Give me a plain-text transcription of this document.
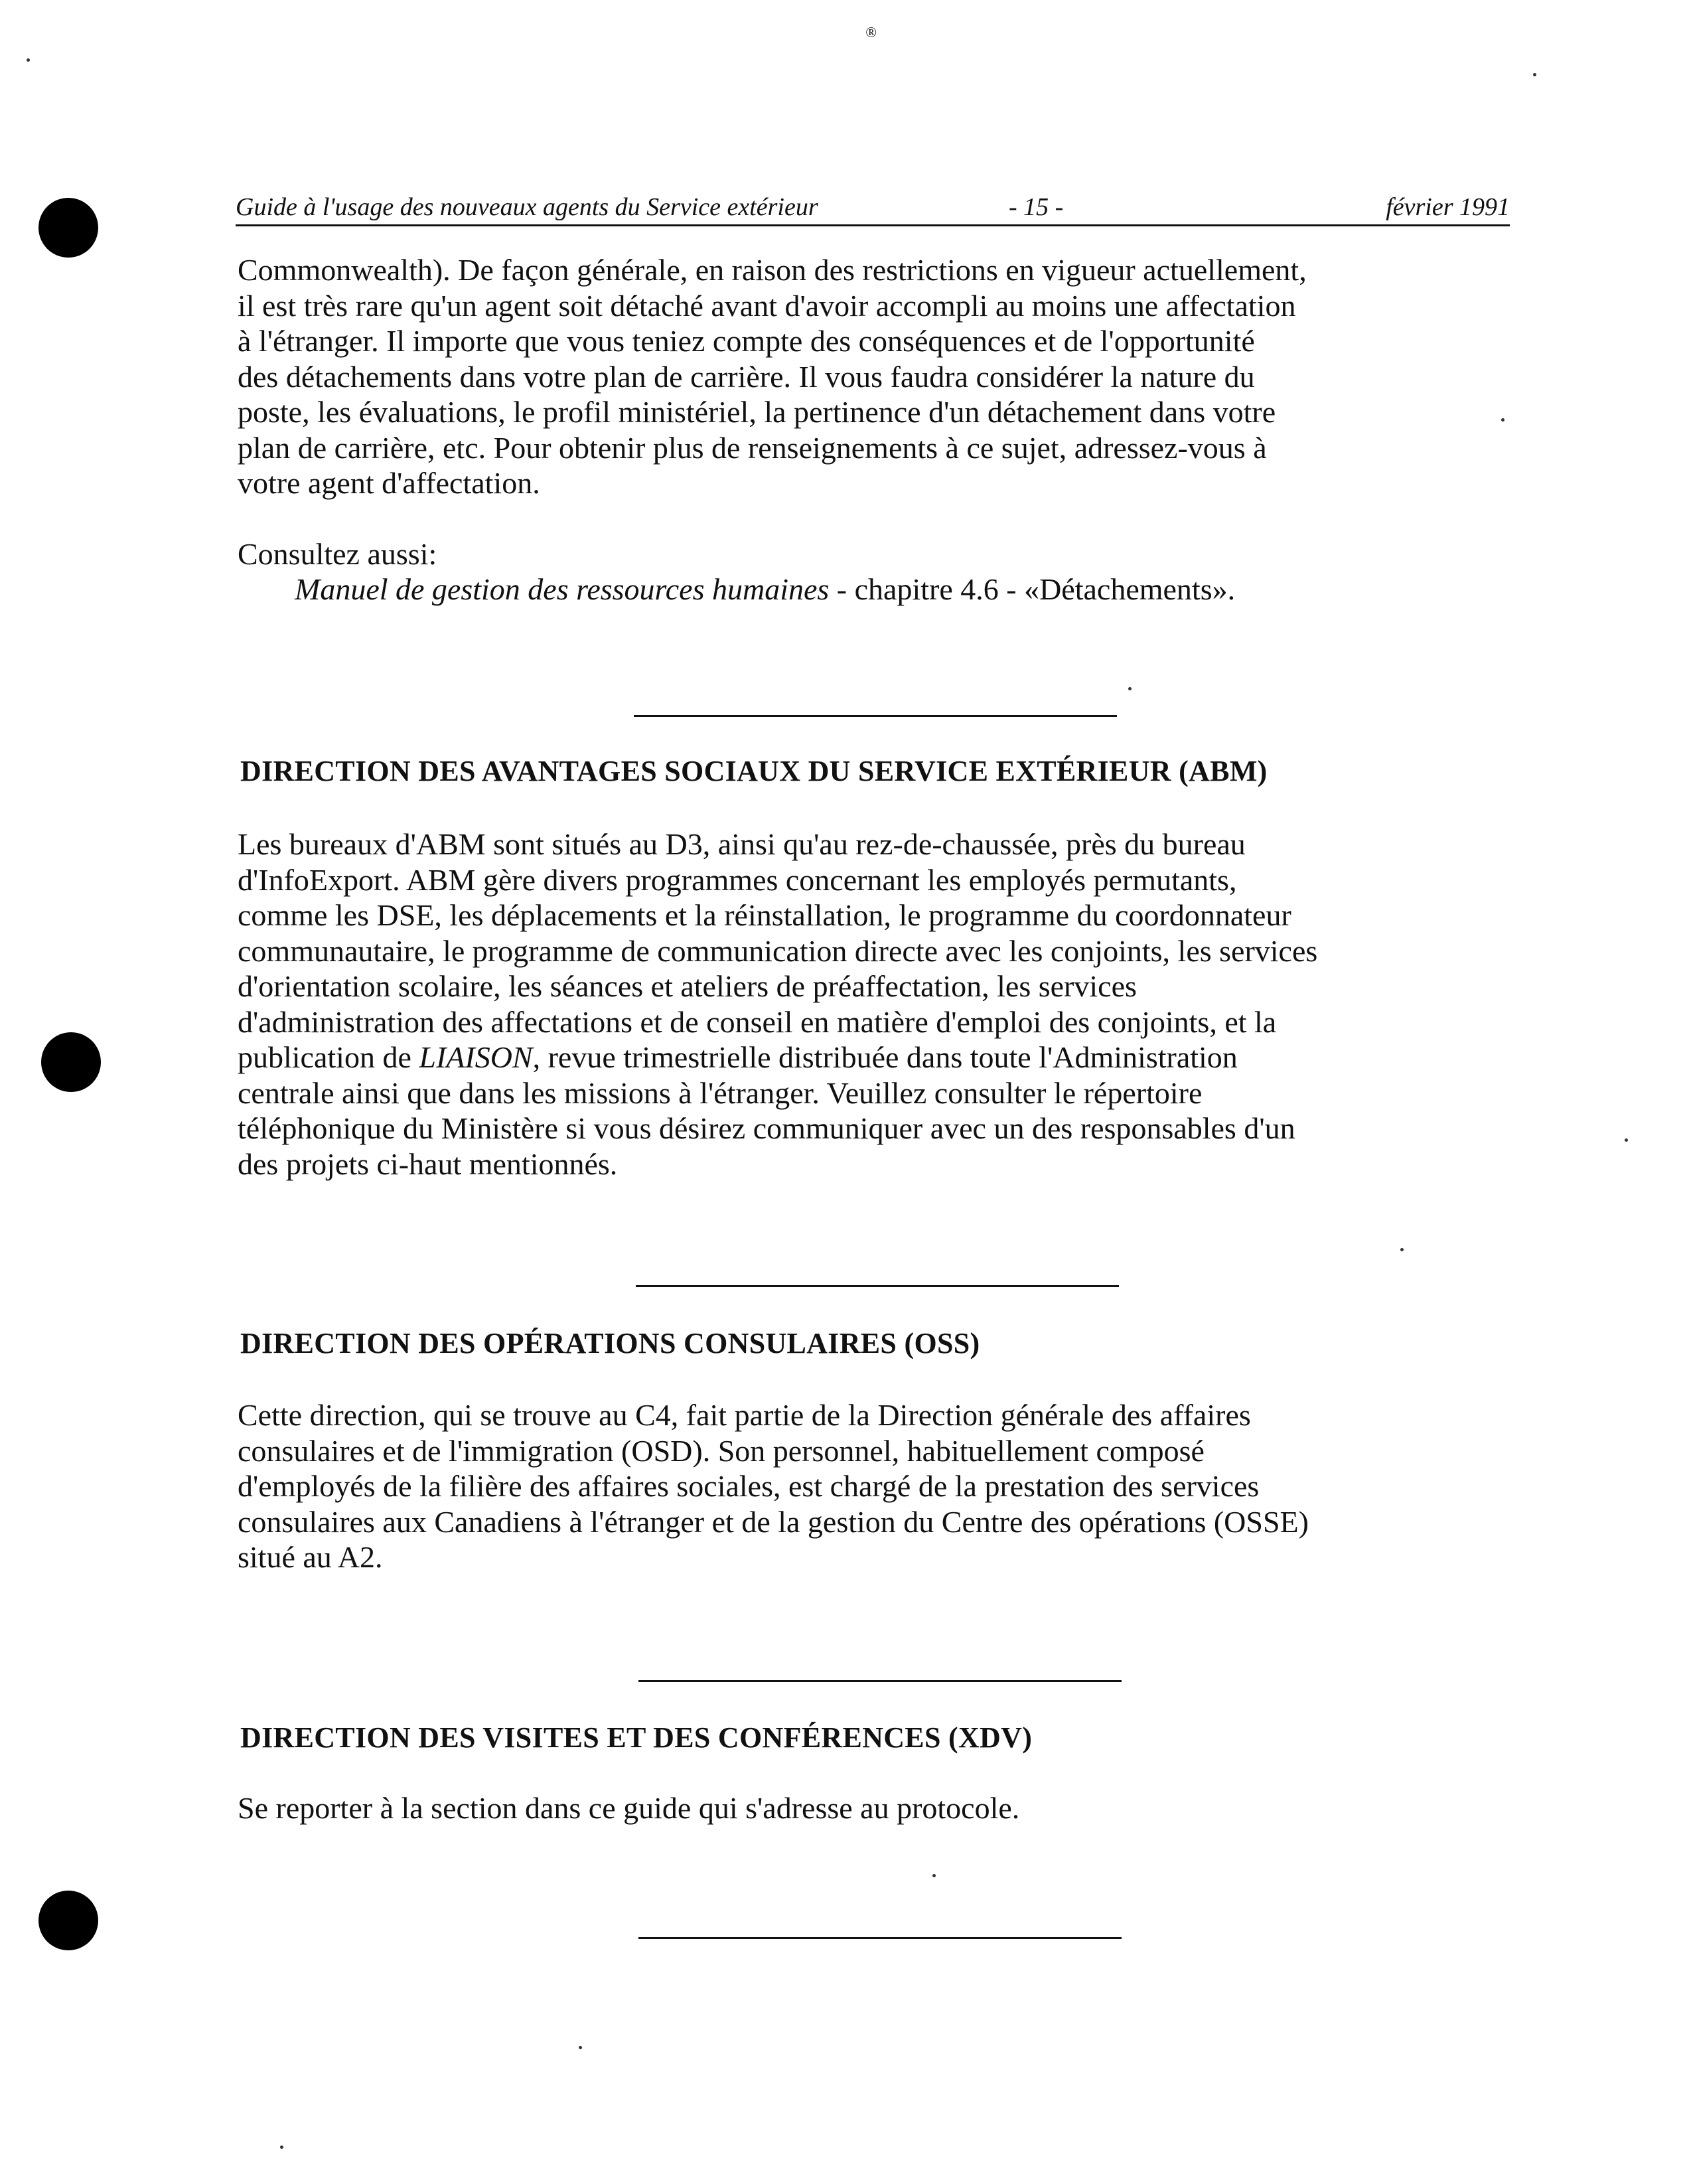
®
Guide à l'usage des nouveaux agents du Service extérieur	- 15 -	février 1991

Commonwealth). De façon générale, en raison des restrictions en vigueur actuellement,
il est très rare qu'un agent soit détaché avant d'avoir accompli au moins une affectation
à l'étranger. Il importe que vous teniez compte des conséquences et de l'opportunité
des détachements dans votre plan de carrière. Il vous faudra considérer la nature du
poste, les évaluations, le profil ministériel, la pertinence d'un détachement dans votre
plan de carrière, etc. Pour obtenir plus de renseignements à ce sujet, adressez-vous à
votre agent d'affectation.

Consultez aussi:
Manuel de gestion des ressources humaines - chapitre 4.6 - «Détachements».
DIRECTION DES AVANTAGES SOCIAUX DU SERVICE EXTÉRIEUR (ABM)

Les bureaux d'ABM sont situés au D3, ainsi qu'au rez-de-chaussée, près du bureau
d'InfoExport. ABM gère divers programmes concernant les employés permutants,
comme les DSE, les déplacements et la réinstallation, le programme du coordonnateur
communautaire, le programme de communication directe avec les conjoints, les services
d'orientation scolaire, les séances et ateliers de préaffectation, les services
d'administration des affectations et de conseil en matière d'emploi des conjoints, et la
publication de LIAISON, revue trimestrielle distribuée dans toute l'Administration
centrale ainsi que dans les missions à l'étranger. Veuillez consulter le répertoire
téléphonique du Ministère si vous désirez communiquer avec un des responsables d'un
des projets ci-haut mentionnés.

DIRECTION DES OPÉRATIONS CONSULAIRES (OSS)

Cette direction, qui se trouve au C4, fait partie de la Direction générale des affaires
consulaires et de l'immigration (OSD). Son personnel, habituellement composé
d'employés de la filière des affaires sociales, est chargé de la prestation des services
consulaires aux Canadiens à l'étranger et de la gestion du Centre des opérations (OSSE)
situé au A2.

DIRECTION DES VISITES ET DES CONFÉRENCES (XDV)

Se reporter à la section dans ce guide qui s'adresse au protocole.
